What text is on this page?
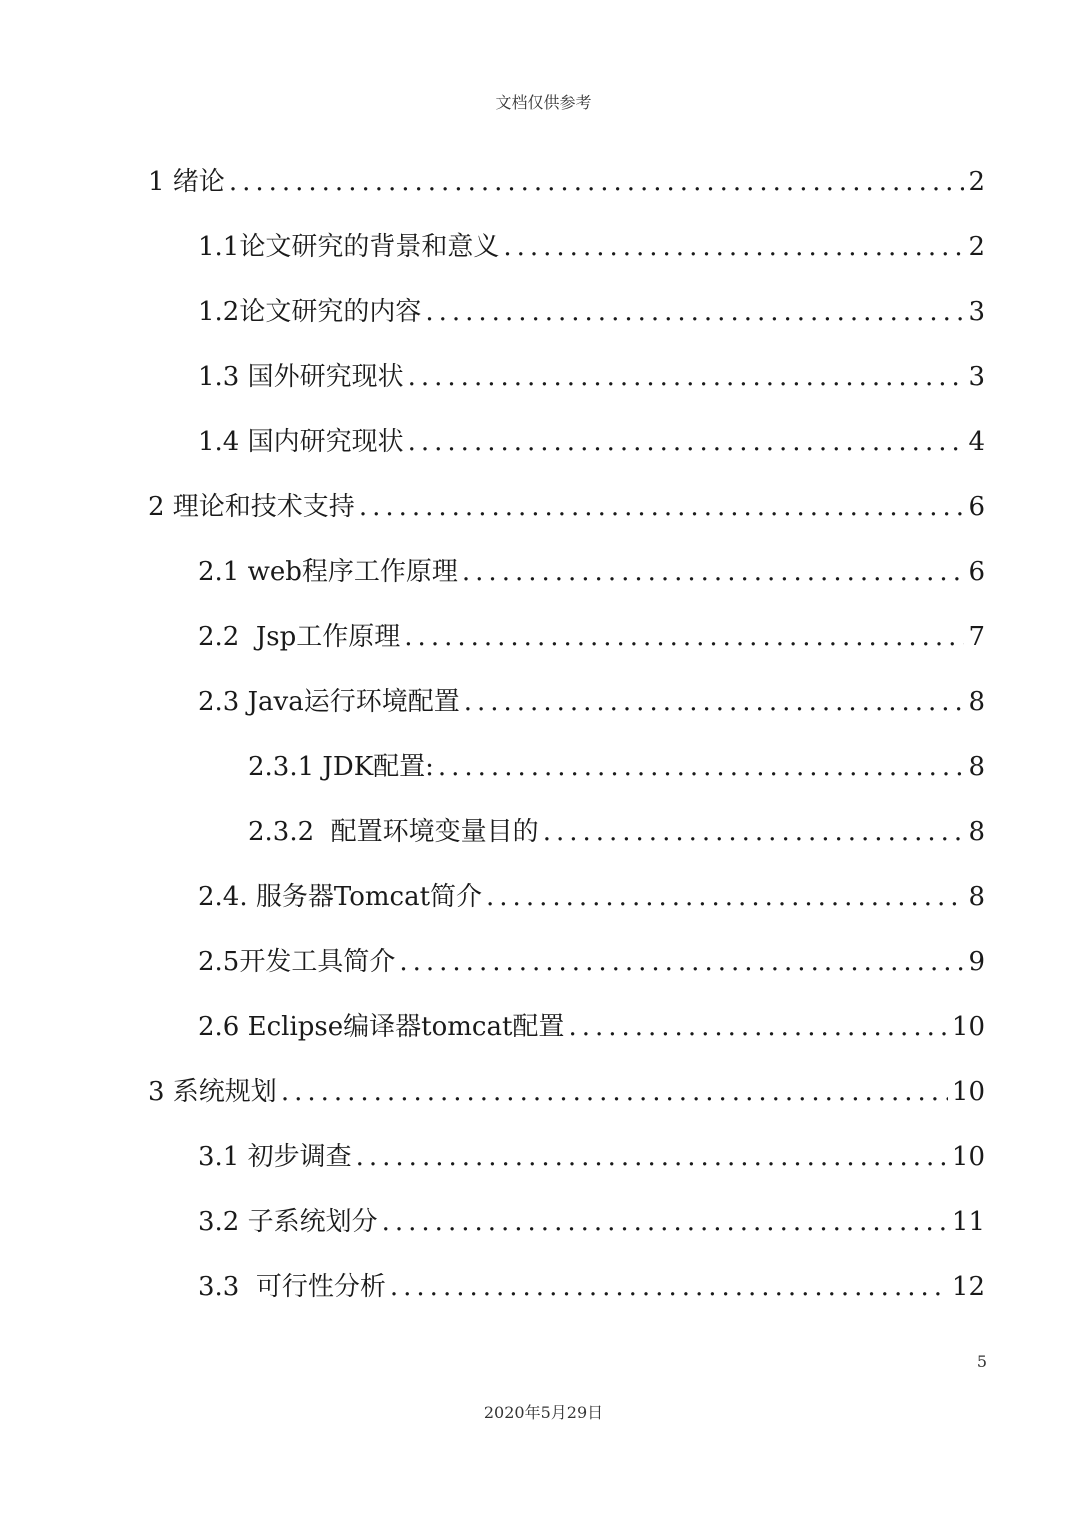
文档仅供参考
1 绪论 .....	2
1.1论文研究的背景和意义 .....	2
1.2论文研究的内容 .....	3
1.3 国外研究现状 .....	3
1.4 国内研究现状 .....	4
2 理论和技术支持 .....	6
2.1 web程序工作原理 .....	6
2.2  Jsp工作原理 .....	7
2.3 Java运行环境配置 .....	8
2.3.1 JDK配置: .....	8
2.3.2  配置环境变量目的 .....	8
2.4. 服务器Tomcat简介 .....	8
2.5开发工具简介 .....	9
2.6 Eclipse编译器tomcat配置 .....	10
3 系统规划 .....	10
3.1 初步调查 .....	10
3.2 子系统划分 .....	11
3.3  可行性分析 .....	12
5
2020年5月29日
